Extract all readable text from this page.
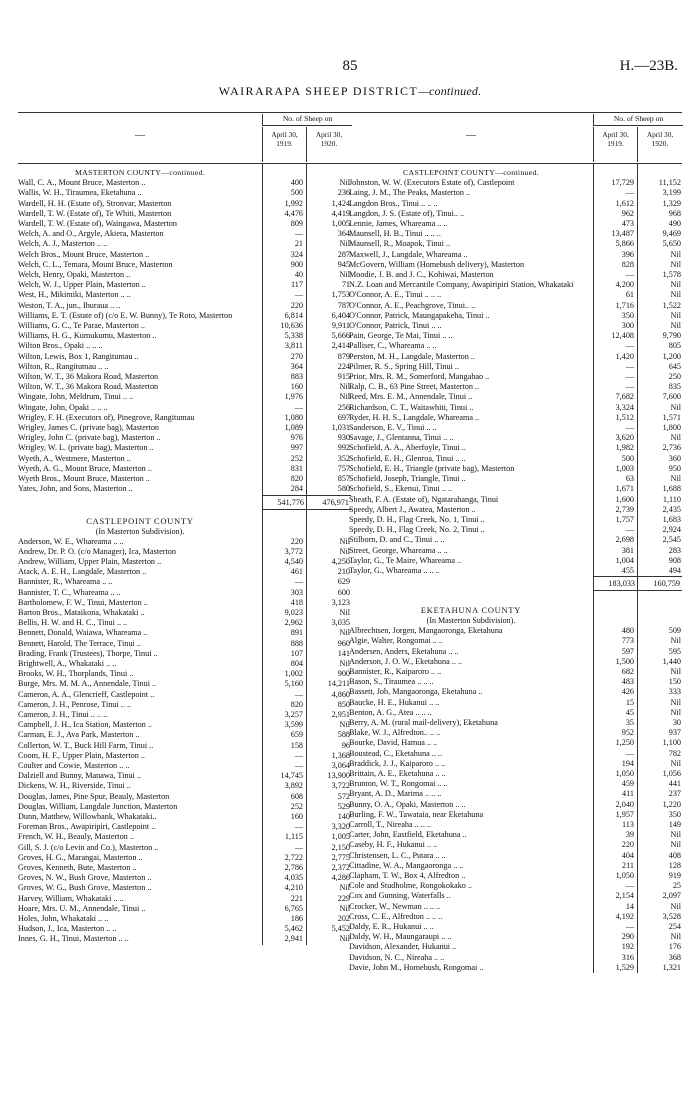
85	H.—23B.
WAIRARAPA SHEEP DISTRICT—continued.
—
No. of Sheep on
April 30, 1919.
April 30, 1920.
MASTERTON COUNTY—continued.
Wall, C. A., Mount Bruce, Masterton ..	400	Nil
Wallis, W. H., Tiraumea, Eketahuna ..	500	236
Wardell, H. H. (Estate of), Stronvar, Masterton	1,992	1,424
Wardell, T. W. (Estate of), Te Whiti, Masterton	4,476	4,419
Wardell, T. W. (Estate of), Waingawa, Masterton	809	1,005
Welch, A. and O., Argyle, Akiera, Masterton	—	364
Welch, A. J., Masterton .. ..	21	Nil
Welch Bros., Mount Bruce, Masterton ..	324	287
Welch, C. L., Temara, Mount Bruce, Masterton	900	945
Welch, Henry, Opaki, Masterton ..	40	Nil
Welch, W. J., Upper Plain, Masterton ..	117	71
West, H., Mikimiki, Masterton .. ..	—	1,753
Weston, T. A., jun., Ihuraua .. ..	220	787
Williams, E. T. (Estate of) (c/o E. W. Bunny), Te Roto, Masterton	6,814	6,404
Williams, G. C., Te Parae, Masterton ..	10,636	9,911
Williams, H. G., Kumukumu, Masterton ..	5,338	5,666
Wilton Bros., Opaki .. .. ..	3,811	2,414
Wilton, Lewis, Box 1, Rangitumau ..	270	879
Wilton, R., Rangitumau .. ..	364	224
Wilton, W. T., 36 Makora Road, Masterton	883	915
Wilton, W. T., 36 Makora Road, Masterton	160	Nil
Wingate, John, Meldrum, Tinui .. ..	1,976	Nil
Wingate, John, Opaki .. .. ..	—	256
Wrigley, F. H. (Executors of), Pinegrove, Rangitumau	1,080	697
Wrigley, James C. (private bag), Masterton	1,089	1,031
Wrigley, John C. (private bag), Masterton ..	976	930
Wrigley, W. L. (private bag), Masterton ..	997	992
Wyeth, A., Westmere, Masterton ..	252	352
Wyeth, A. G., Mount Bruce, Masterton ..	831	757
Wyeth Bros., Mount Bruce, Masterton ..	820	857
Yates, John, and Sons, Masterton ..	284	580
541,776	476,971
CASTLEPOINT COUNTY
(In Masterton Subdivision).
Anderson, W. E., Whareama .. ..	220	Nil
Andrew, Dr. P. O. (c/o Manager), Ica, Masterton	3,772	Nil
Andrew, William, Upper Plain, Masterton ..	4,540	4,250
Atack, A. E. H., Langdale, Masterton ..	461	210
Bannister, R., Whareama .. ..	—	629
Bannister, T. C., Whareama .. ..	303	600
Bartholomew, F. W., Tinui, Masterton ..	418	3,123
Barton Bros., Mataikona, Whakataki ..	9,023	Nil
Bellis, H. W. and H. C., Tinui .. ..	2,962	3,035
Bennett, Donald, Waiawa, Whareama ..	891	Nil
Bennett, Harold, The Terrace, Tinui ..	888	960
Brading, Frank (Trustees), Thorpe, Tinui ..	107	141
Brightwell, A., Whakataki .. ..	804	Nil
Brooks, W. H., Thorplands, Tinui ..	1,002	900
Burge, Mrs. M. M. A., Annendale, Tinui ..	5,160	14,211
Cameron, A. A., Glencrieff, Castlepoint ..	—	4,860
Cameron, J. H., Penrose, Tinui .. ..	820	850
Cameron, J. H., Tinui .. .. ..	3,257	2,951
Campbell, J. H., Ica Station, Masterton ..	3,599	Nil
Carman, E. J., Ava Park, Masterton ..	659	588
Collerton, W. T., Buck Hill Farm, Tinui ..	158	96
Coom, H. F., Upper Plain, Masterton ..	—	1,368
Coulter and Cowie, Masterton .. ..	—	3,064
Dalziell and Bunny, Manawa, Tinui ..	14,745	13,900
Dickens, W. H., Riverside, Tinui ..	3,892	3,722
Douglas, James, Pine Spur, Beauly, Masterton	608	572
Douglas, William, Langdale Junction, Masterton	252	529
Dunn, Matthew, Willowbank, Whakataki..	160	140
Foreman Bros., Awapiripiri, Castlepoint ..	—	3,320
French, W. H., Beauly, Masterton ..	1,115	1,005
Gill, S. J. (c/o Levin and Co.), Masterton ..	—	2,150
Groves, H. G., Marangai, Masterton ..	2,722	2,775
Groves, Kenneth, Bute, Masterton ..	2,786	2,372
Groves, N. W., Bush Grove, Masterton ..	4,035	4,286
Groves, W. G., Bush Grove, Masterton ..	4,210	Nil
Harvey, William, Whakataki .. ..	221	229
Hoare, Mrs. U. M., Annendale, Tinui ..	6,765	Nil
Holes, John, Whakataki .. ..	186	202
Hudson, J., Ica, Masterton .. ..	5,462	5,452
Innes, G. H., Tinui, Masterton .. ..	2,941	Nil
—
No. of Sheep on
April 30, 1919.
April 30, 1920.
CASTLEPOINT COUNTY—continued.
Johnston, W. W. (Executors Estate of), Castlepoint	17,729	11,152
Laing, J. M., The Peaks, Masterton ..	—	3,199
Langdon Bros., Tinui .. .. ..	1,612	1,329
Langdon, J. S. (Estate of), Tinui.. ..	962	968
Lennie, James, Whareama .. ..	473	490
Maunsell, H. B., Tinui .. .. ..	13,487	9,469
Maunsell, R., Moapok, Tinui ..	5,866	5,650
Maxwell, J., Langdale, Whareama ..	396	Nil
McGovern, William (Homebush delivery), Masterton	828	Nil
Moodie, J. B. and J. C., Kohiwai, Masterton	—	1,578
N.Z. Loan and Mercantile Company, Awapiripiri Station, Whakataki	4,200	Nil
O'Connor, A. E., Tinui .. .. ..	61	Nil
O'Connor, A. E., Peachgrove, Tinui.. ..	1,716	1,522
O'Connor, Patrick, Maungapakeha, Tinui ..	350	Nil
O'Connor, Patrick, Tinui .. ..	300	Nil
Pain, George, Te Mai, Tinui .. ..	12,408	9,790
Palliser, C., Whareama .. ..	—	805
Perston, M. H., Langdale, Masterton ..	1,420	1,200
Pilmer, R. S., Spring Hill, Tinui ..	—	645
Prior, Mrs. R. M., Somerford, Mangahao ..	—	250
Ralp, C. B., 63 Pine Street, Masterton ..	—	835
Reed, Mrs. E. M., Annendale, Tinui ..	7,682	7,600
Richardson, C. T., Waitawhiti, Tinui ..	3,324	Nil
Ryder, H. H. S., Langdale, Whareama ..	1,512	1,571
Sanderson, E. V., Tinui .. ..	—	1,800
Savage, J., Glentanna, Tinui .. ..	3,620	Nil
Schofield, A. A., Aberfoyle, Tinui ..	1,982	2,736
Schofield, E. H., Glenroa, Tinui .. ..	500	360
Schofield, E. H., Triangle (private bag), Masterton	1,003	950
Schofield, Joseph, Triangle, Tinui ..	63	Nil
Schofield, S., Ekenui, Tinui .. ..	1,671	1,688
Sheath, F. A. (Estate of), Ngatarahanga, Tinui	1,600	1,110
Speedy, Albert J., Awatea, Masterton ..	2,739	2,435
Speedy, D. H., Flag Creek, No. 1, Tinui ..	1,757	1,683
Speedy, D. H., Flag Creek, No. 2, Tinui ..	—	2,924
Stilborn, D. and C., Tinui .. ..	2,698	2,545
Street, George, Whareama .. ..	381	283
Taylor, G., Te Maire, Whareama ..	1,004	908
Taylor, G., Whareama .. .. ..	455	494
183,033	160,759
EKETAHUNA COUNTY
(In Masterton Subdivision).
Albrechtsen, Jorgen, Mangaoronga, Eketahuna	480	509
Algie, Walter, Rongomai .. ..	773	Nil
Andersen, Anders, Eketahuna .. ..	597	595
Anderson, J. O. W., Eketahuna .. ..	1,500	1,440
Bannister, R., Kaiparoro .. ..	682	Nil
Bason, S., Tiraumea .. .. ..	483	150
Bassett, Job, Mangaoronga, Eketahuna ..	426	333
Baucke, H. E., Hukanui .. ..	15	Nil
Benton, A. G., Atea .. .. ..	45	Nil
Berry, A. M. (rural mail-delivery), Eketahuna	35	30
Blake, W. J., Alfredton.. .. ..	952	937
Bourke, David, Hamua .. ..	1,250	1,100
Boustead, C., Eketahuna .. ..	—	782
Braddick, J. J., Kaiparoro .. ..	194	Nil
Brittain, A. E., Eketahuna .. ..	1,050	1,056
Brunton, W. T., Rongomai .. ..	459	441
Bryant, A. D., Marima .. .. ..	411	237
Bunny, O. A., Opaki, Masterton .. ..	2,040	1,220
Burling, F. W., Tawataia, near Eketahuna	1,957	350
Carroll, T., Nireaha .. .. ..	113	149
Carter, John, Eastfield, Eketahuna ..	39	Nil
Caseby, H. F., Hukanui .. ..	220	Nil
Christensen, L. C., Putara .. ..	404	408
Cittadine, W. A., Mangaoronga .. ..	211	128
Clapham, T. W., Box 4, Alfredton ..	1,050	919
Cole and Studholme, Rongokokako ..	—	25
Cox and Gunning, Waterfalls ..	2,154	2,097
Crocker, W., Newman .. .. ..	14	Nil
Cross, C. E., Alfredton .. .. ..	4,192	3,528
Daldy, E. R., Hukanui .. ..	—	254
Daldy, W. H., Maungaraupi .. ..	290	Nil
Davidson, Alexander, Hukanui ..	192	176
Davidson, N. C., Nireaha .. ..	316	368
Davie, John M., Homebush, Rongomai ..	1,529	1,321
